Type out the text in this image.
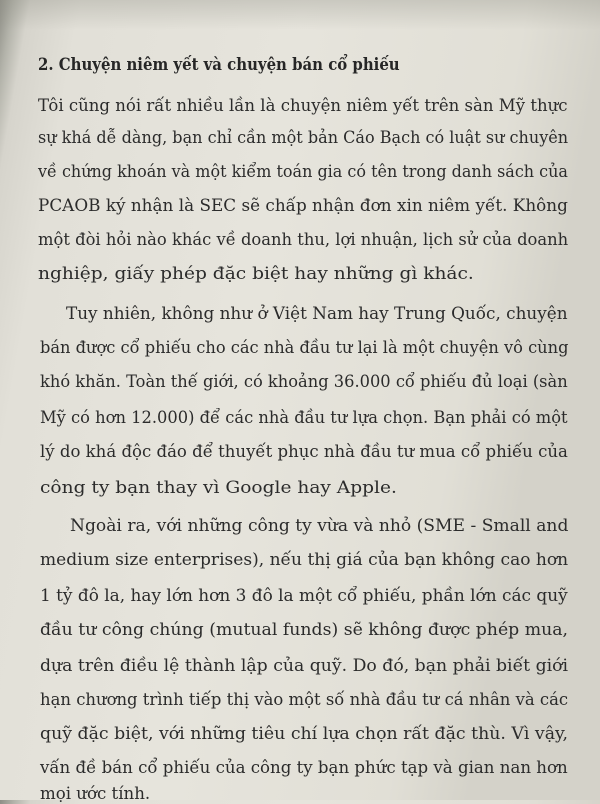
2. Chuyện niêm yết và chuyện bán cổ phiếu
Tôi cũng nói rất nhiều lần là chuyện niêm yết trên sàn Mỹ thực
sự khá dễ dàng, bạn chỉ cần một bản Cáo Bạch có luật sư chuyên
về chứng khoán và một kiểm toán gia có tên trong danh sách của
PCAOB ký nhận là SEC sẽ chấp nhận đơn xin niêm yết. Không
một đòi hỏi nào khác về doanh thu, lợi nhuận, lịch sử của doanh
nghiệp, giấy phép đặc biệt hay những gì khác.
Tuy nhiên, không như ở Việt Nam hay Trung Quốc, chuyện
bán được cổ phiếu cho các nhà đầu tư lại là một chuyện vô cùng
khó khăn. Toàn thế giới, có khoảng 36.000 cổ phiếu đủ loại (sàn
Mỹ có hơn 12.000) để các nhà đầu tư lựa chọn. Bạn phải có một
lý do khá độc đáo để thuyết phục nhà đầu tư mua cổ phiếu của
công ty bạn thay vì Google hay Apple.
Ngoài ra, với những công ty vừa và nhỏ (SME - Small and
medium size enterprises), nếu thị giá của bạn không cao hơn
1 tỷ đô la, hay lớn hơn 3 đô la một cổ phiếu, phần lớn các quỹ
đầu tư công chúng (mutual funds) sẽ không được phép mua,
dựa trên điều lệ thành lập của quỹ. Do đó, bạn phải biết giới
hạn chương trình tiếp thị vào một số nhà đầu tư cá nhân và các
quỹ đặc biệt, với những tiêu chí lựa chọn rất đặc thù. Vì vậy,
vấn đề bán cổ phiếu của công ty bạn phức tạp và gian nan hơn
mọi ước tính.
